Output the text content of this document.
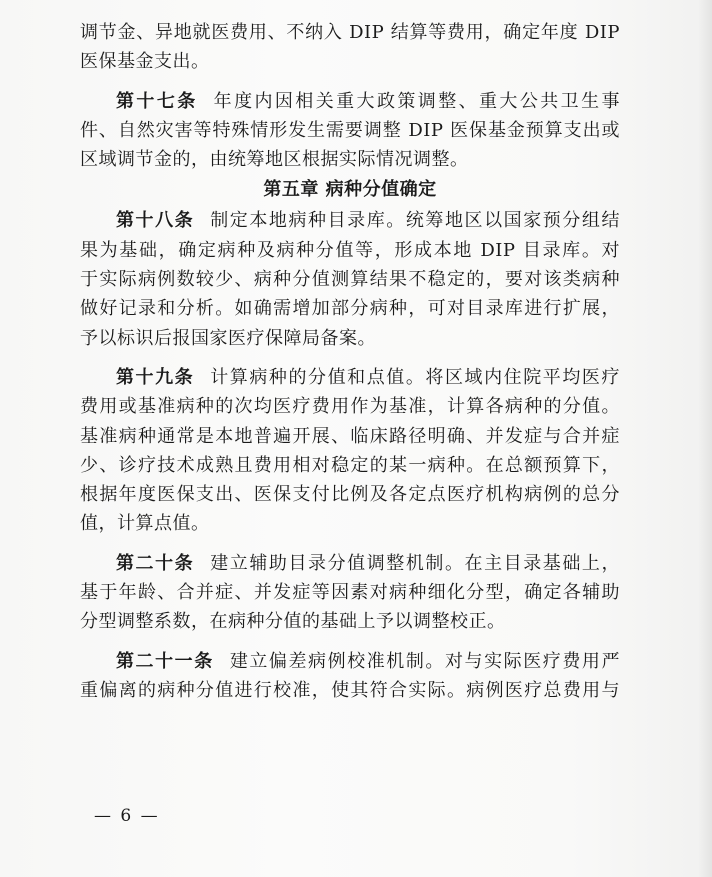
调节金、异地就医费用、不纳入 DIP 结算等费用，确定年度 DIP
医保基金支出。
第十七条 年度内因相关重大政策调整、重大公共卫生事
件、自然灾害等特殊情形发生需要调整 DIP 医保基金预算支出或
区域调节金的，由统筹地区根据实际情况调整。
第五章 病种分值确定
第十八条 制定本地病种目录库。统筹地区以国家预分组结
果为基础，确定病种及病种分值等，形成本地 DIP 目录库。对
于实际病例数较少、病种分值测算结果不稳定的，要对该类病种
做好记录和分析。如确需增加部分病种，可对目录库进行扩展，
予以标识后报国家医疗保障局备案。
第十九条 计算病种的分值和点值。将区域内住院平均医疗
费用或基准病种的次均医疗费用作为基准，计算各病种的分值。
基准病种通常是本地普遍开展、临床路径明确、并发症与合并症
少、诊疗技术成熟且费用相对稳定的某一病种。在总额预算下，
根据年度医保支出、医保支付比例及各定点医疗机构病例的总分
值，计算点值。
第二十条 建立辅助目录分值调整机制。在主目录基础上，
基于年龄、合并症、并发症等因素对病种细化分型，确定各辅助
分型调整系数，在病种分值的基础上予以调整校正。
第二十一条 建立偏差病例校准机制。对与实际医疗费用严
重偏离的病种分值进行校准，使其符合实际。病例医疗总费用与
— 6 —
